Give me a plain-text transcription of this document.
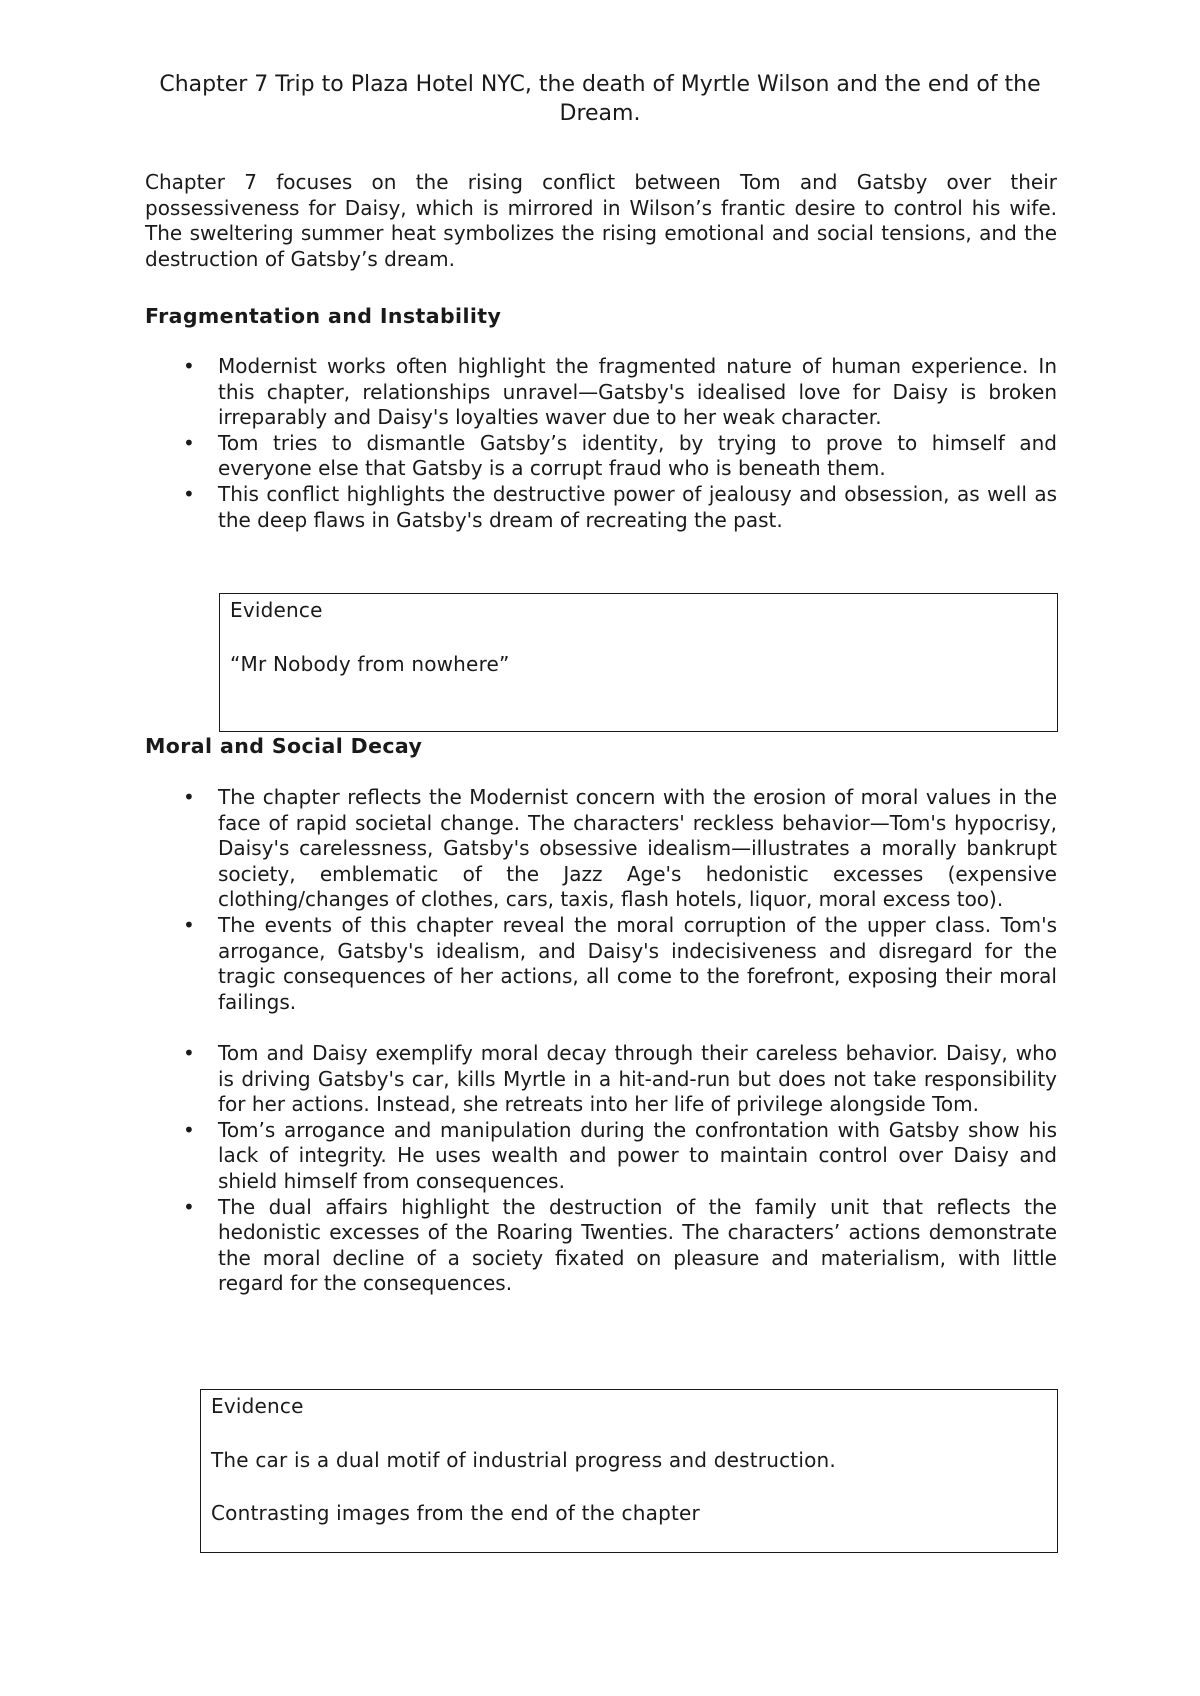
Chapter 7 Trip to Plaza Hotel NYC, the death of Myrtle Wilson and the end of the Dream.

Chapter 7 focuses on the rising conflict between Tom and Gatsby over their possessiveness for Daisy, which is mirrored in Wilson’s frantic desire to control his wife. The sweltering summer heat symbolizes the rising emotional and social tensions, and the destruction of Gatsby’s dream.

Fragmentation and Instability
• Modernist works often highlight the fragmented nature of human experience. In this chapter, relationships unravel—Gatsby's idealised love for Daisy is broken irreparably and Daisy's loyalties waver due to her weak character.
• Tom tries to dismantle Gatsby’s identity, by trying to prove to himself and everyone else that Gatsby is a corrupt fraud who is beneath them.
• This conflict highlights the destructive power of jealousy and obsession, as well as the deep flaws in Gatsby's dream of recreating the past.

Evidence

“Mr Nobody from nowhere”

Moral and Social Decay
• The chapter reflects the Modernist concern with the erosion of moral values in the face of rapid societal change. The characters' reckless behavior—Tom's hypocrisy, Daisy's carelessness, Gatsby's obsessive idealism—illustrates a morally bankrupt society, emblematic of the Jazz Age's hedonistic excesses (expensive clothing/changes of clothes, cars, taxis, flash hotels, liquor, moral excess too).
• The events of this chapter reveal the moral corruption of the upper class. Tom's arrogance, Gatsby's idealism, and Daisy's indecisiveness and disregard for the tragic consequences of her actions, all come to the forefront, exposing their moral failings.
• Tom and Daisy exemplify moral decay through their careless behavior. Daisy, who is driving Gatsby's car, kills Myrtle in a hit-and-run but does not take responsibility for her actions. Instead, she retreats into her life of privilege alongside Tom.
• Tom’s arrogance and manipulation during the confrontation with Gatsby show his lack of integrity. He uses wealth and power to maintain control over Daisy and shield himself from consequences.
• The dual affairs highlight the destruction of the family unit that reflects the hedonistic excesses of the Roaring Twenties. The characters’ actions demonstrate the moral decline of a society fixated on pleasure and materialism, with little regard for the consequences.

Evidence

The car is a dual motif of industrial progress and destruction.

Contrasting images from the end of the chapter
